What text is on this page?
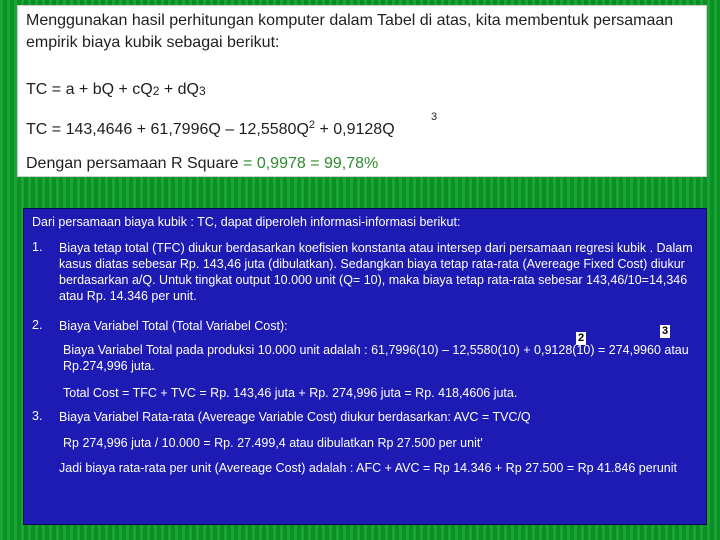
Menggunakan hasil perhitungan komputer dalam Tabel di atas, kita membentuk persamaan empirik biaya kubik sebagai berikut:
TC = a + bQ + cQ2 + dQ3
3
TC = $143,4646 + 61,7996Q - 12,5580Q^2 + 0,9128Q$
Dengan persamaan R Square = 0,9978 = 99,78%
Dari persamaan biaya kubik : TC, dapat diperoleh informasi-informasi berikut:
1. Biaya tetap total (TFC) diukur berdasarkan koefisien konstanta atau intersep dari persamaan regresi kubik . Dalam kasus diatas sebesar Rp. 143,46 juta (dibulatkan). Sedangkan biaya tetap rata-rata (Avereage Fixed Cost) diukur berdasarkan a/Q. Untuk tingkat output 10.000 unit (Q= 10), maka biaya tetap rata-rata sebesar 143,46/10=14,346 atau Rp. 14.346 per unit.
2. Biaya Variabel Total (Total Variabel Cost):	3
2
Biaya Variabel Total pada produksi 10.000 unit adalah : 61,7996(10) – 12,5580(10) + 0,9128(10) = 274,9960 atau Rp.274,996 juta.
Total Cost = TFC + TVC = Rp. 143,46 juta + Rp. 274,996 juta = Rp. 418,4606 juta.
3. Biaya Variabel Rata-rata (Avereage Variable Cost) diukur berdasarkan: AVC = TVC/Q
Rp 274,996 juta / 10.000 = Rp. 27.499,4 atau dibulatkan Rp 27.500 per unit'
Jadi biaya rata-rata per unit (Avereage Cost) adalah : AFC + AVC = Rp 14.346 + Rp 27.500 = Rp 41.846 perunit
